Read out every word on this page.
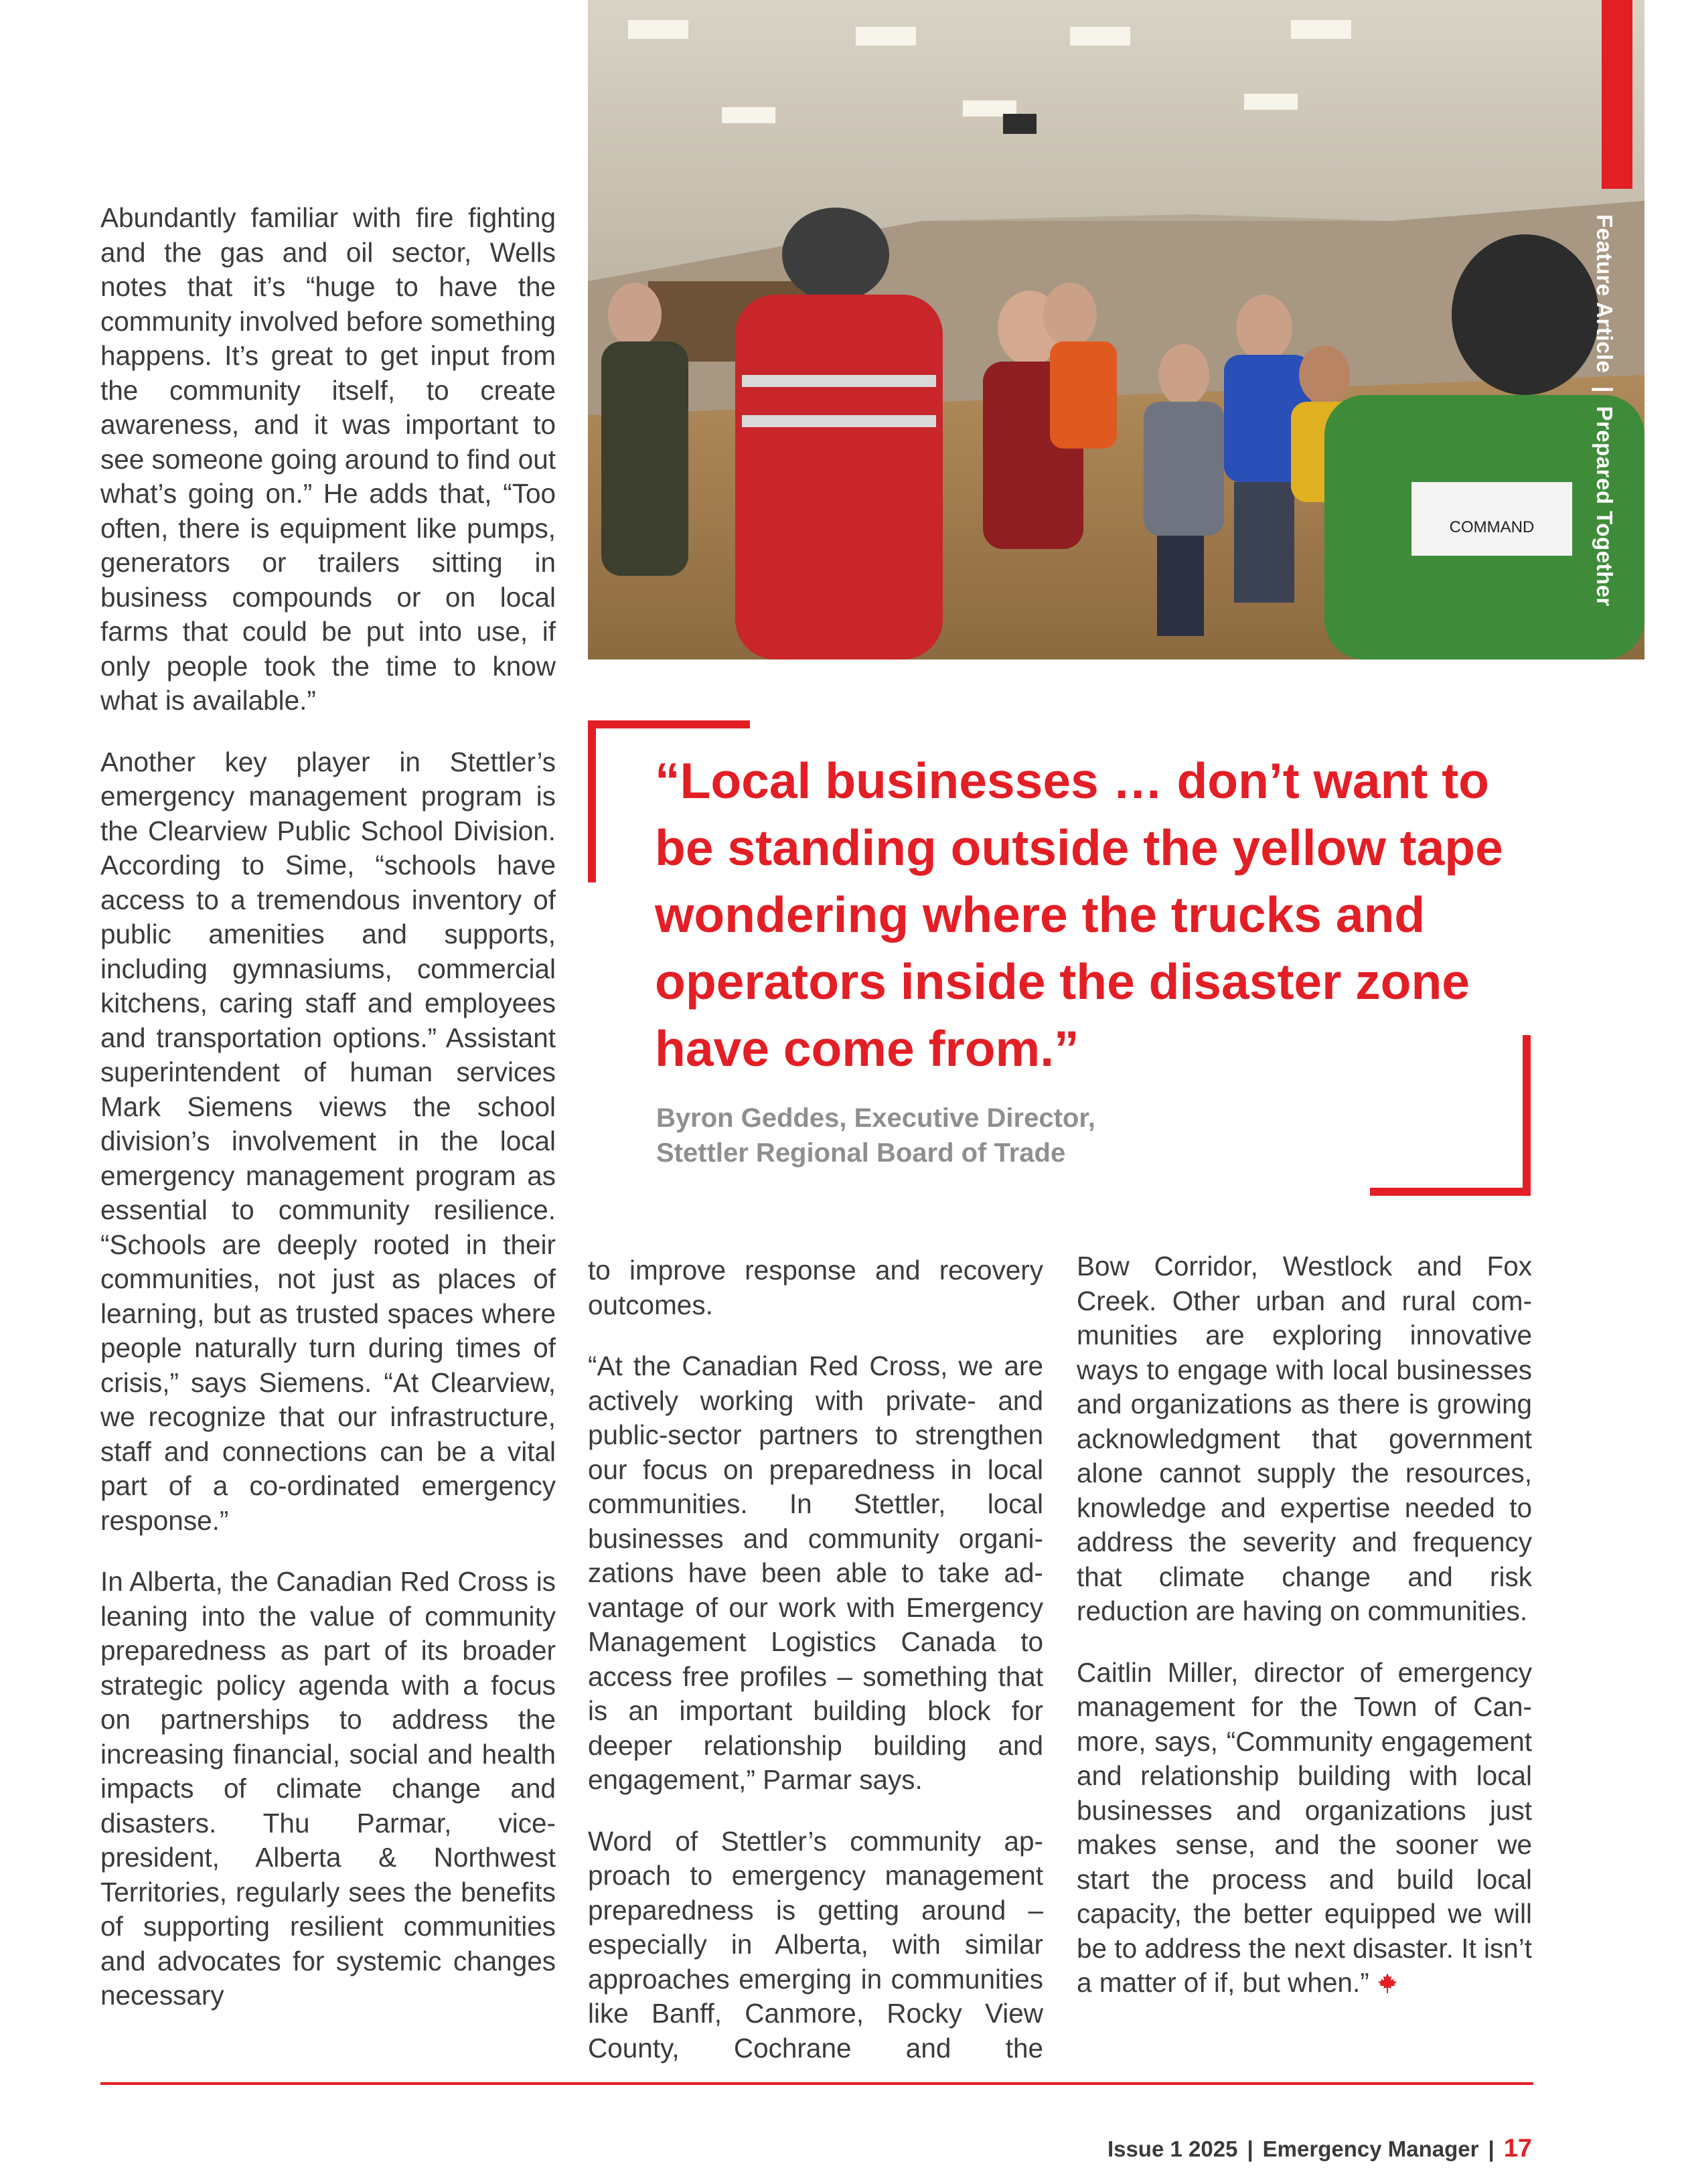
COMMAND
Feature Article | Prepared Together

Abundantly familiar with fire fighting and the gas and oil sector, Wells notes that it’s “huge to have the community involved before something happens. It’s great to get input from the community itself, to create awareness, and it was important to see someone going around to find out what’s going on.” He adds that, “Too often, there is equipment like pumps, generators or trailers sitting in business compounds or on local farms that could be put into use, if only people took the time to know what is available.”

Another key player in Stettler’s emergency management program is the Clearview Public School Division. According to Sime, “schools have access to a tremendous inventory of public amenities and supports, including gymnasiums, commercial kitchens, caring staff and employees and transportation options.” Assistant superintendent of human services Mark Siemens views the school division’s involvement in the local emergency management program as essential to community resilience. “Schools are deeply rooted in their communities, not just as places of learning, but as trusted spaces where people naturally turn during times of crisis,” says Siemens. “At Clearview, we recognize that our infrastructure, staff and connections can be a vital part of a co-ordinated emergency response.”

In Alberta, the Canadian Red Cross is leaning into the value of community preparedness as part of its broader strategic policy agenda with a focus on partnerships to address the increasing financial, social and health impacts of climate change and disasters. Thu Parmar, vice-president, Alberta & Northwest Territories, regularly sees the benefits of supporting resilient communities and advocates for systemic changes necessary

“Local businesses … don’t want to be standing outside the yellow tape wondering where the trucks and operators inside the disaster zone have come from.”
Byron Geddes, Executive Director,
Stettler Regional Board of Trade

to improve response and recovery outcomes.

“At the Canadian Red Cross, we are actively working with private- and public-sector partners to strengthen our focus on preparedness in local communities. In Stettler, local businesses and community organizations have been able to take advantage of our work with Emergency Management Logistics Canada to access free profiles – something that is an important building block for deeper relationship building and engagement,” Parmar says.

Word of Stettler’s community approach to emergency management preparedness is getting around – especially in Alberta, with similar approaches emerging in communities like Banff, Canmore, Rocky View County, Cochrane and the

Bow Corridor, Westlock and Fox Creek. Other urban and rural communities are exploring innovative ways to engage with local businesses and organizations as there is growing acknowledgment that government alone cannot supply the resources, knowledge and expertise needed to address the severity and frequency that climate change and risk reduction are having on communities.

Caitlin Miller, director of emergency management for the Town of Canmore, says, “Community engagement and relationship building with local businesses and organizations just makes sense, and the sooner we start the process and build local capacity, the better equipped we will be to address the next disaster. It isn’t a matter of if, but when.”

Issue 1 2025 | Emergency Manager | 17
